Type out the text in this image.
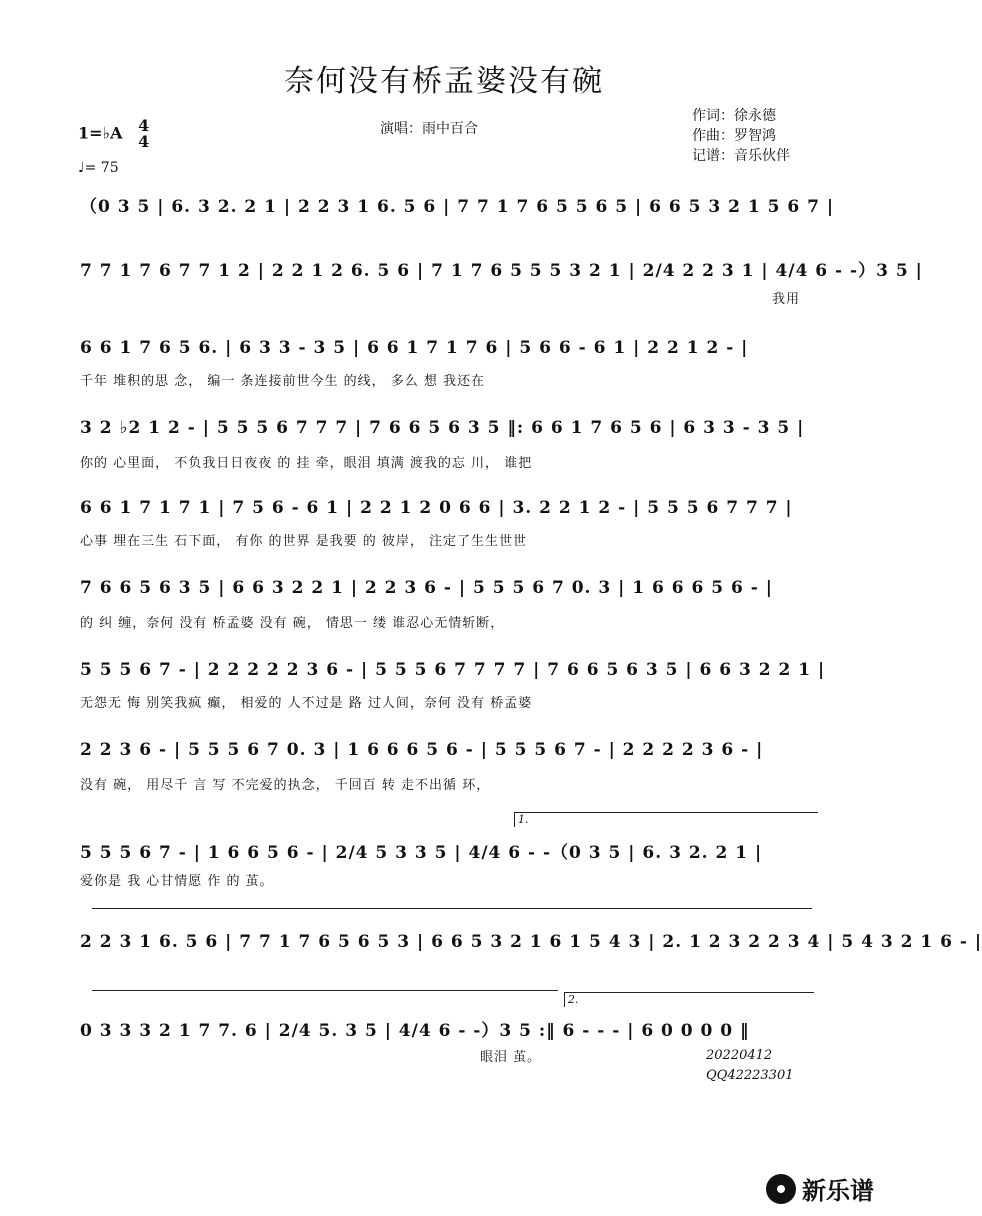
奈何没有桥孟婆没有碗
1=♭A 4
4
♩= 75
演唱：雨中百合
作词：徐永德
作曲：罗智鸿
记谱：音乐伙伴
（0 3 5 | 6. 3 2. 2 1 | 2 2 3 1 6. 5 6 | 7 7 1 7 6 5 5 6 5 | 6 6 5 3 2 1 5 6 7 |
7 7 1 7 6 7 7 1 2 | 2 2 1 2 6. 5 6 | 7 1 7 6 5 5 5 3 2 1 | 2/4 2 2 3 1 | 4/4 6 - -）3 5 |
我用
6 6 1 7 6 5 6. | 6 3 3 - 3 5 | 6 6 1 7 1 7 6 | 5 6 6 - 6 1 | 2 2 1 2 - |
千年 堆积的思 念， 编一 条连接前世今生 的线， 多么 想 我还在
3 2 ♭2 1 2 - | 5 5 5 6 7 7 7 | 7 6 6 5 6 3 5 ‖: 6 6 1 7 6 5 6 | 6 3 3 - 3 5 |
你的 心里面， 不负我日日夜夜 的 挂 牵，眼泪 填满 渡我的忘 川， 谁把
6 6 1 7 1 7 1 | 7 5 6 - 6 1 | 2 2 1 2 0 6 6 | 3. 2 2 1 2 - | 5 5 5 6 7 7 7 |
心事 埋在三生 石下面， 有你 的世界 是我要 的 彼岸， 注定了生生世世
7 6 6 5 6 3 5 | 6 6 3 2 2 1 | 2 2 3 6 - | 5 5 5 6 7 0. 3 | 1 6 6 6 5 6 - |
的 纠 缠，奈何 没有 桥孟婆 没有 碗， 情思一 缕 谁忍心无情斩断，
5 5 5 6 7 - | 2 2 2 2 2 3 6 - | 5 5 5 6 7 7 7 7 | 7 6 6 5 6 3 5 | 6 6 3 2 2 1 |
无怨无 悔 别笑我疯 癫， 相爱的 人不过是 路 过人间，奈何 没有 桥孟婆
2 2 3 6 - | 5 5 5 6 7 0. 3 | 1 6 6 6 5 6 - | 5 5 5 6 7 - | 2 2 2 2 3 6 - |
没有 碗， 用尽千 言 写 不完爱的执念， 千回百 转 走不出循 环，
1.
5 5 5 6 7 - | 1 6 6 5 6 - | 2/4 5 3 3 5 | 4/4 6 - -（0 3 5 | 6. 3 2. 2 1 |
爱你是 我 心甘情愿 作 的 茧。
2 2 3 1 6. 5 6 | 7 7 1 7 6 5 6 5 3 | 6 6 5 3 2 1 6 1 5 4 3 | 2. 1 2 3 2 2 3 4 | 5 4 3 2 1 6 - |
2.
0 3 3 3 2 1 7 7. 6 | 2/4 5. 3 5 | 4/4 6 - -）3 5 :‖ 6 - - - | 6 0 0 0 0 ‖
眼泪 茧。	20220412
QQ42223301
新乐谱
